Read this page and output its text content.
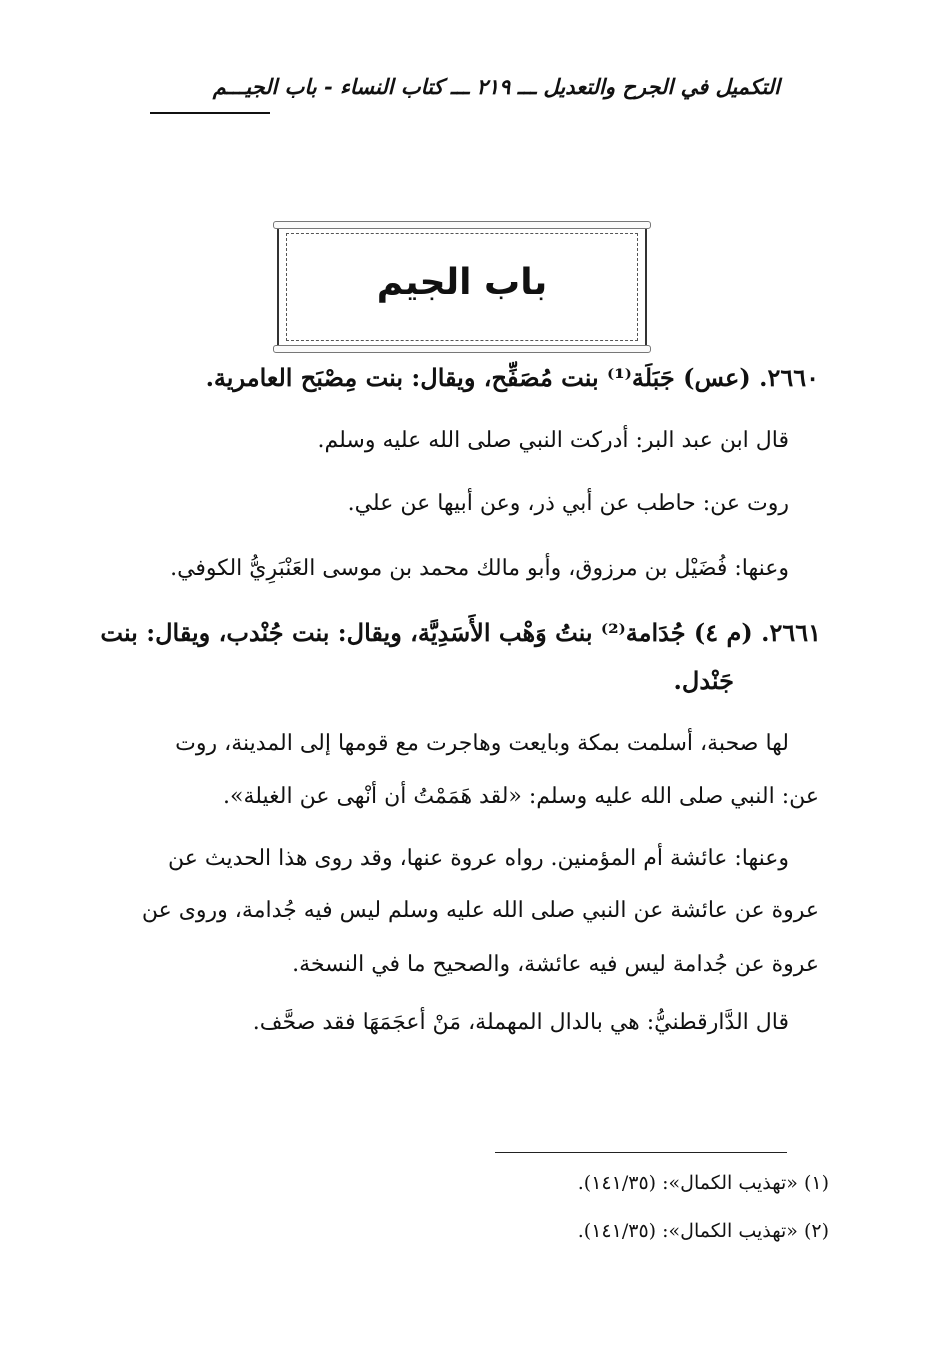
التكميل في الجرح والتعديل ـــ ٢١٩ ـــ كتاب النساء - باب الجيـــم
باب الجيم
٢٦٦٠. (عس) جَبَلَة⁽¹⁾ بنت مُصَفِّح، ويقال: بنت مِصْبَح العامرية.
قال ابن عبد البر: أدركت النبي صلى الله عليه وسلم.
روت عن: حاطب عن أبي ذر، وعن أبيها عن علي.
وعنها: فُضَيْل بن مرزوق، وأبو مالك محمد بن موسى العَنْبَرِيُّ الكوفي.
٢٦٦١. (م ٤) جُدَامة⁽²⁾ بنتُ وَهْب الأَسَدِيَّة، ويقال: بنت جُنْدب، ويقال: بنت
جَنْدل.
لها صحبة، أسلمت بمكة وبايعت وهاجرت مع قومها إلى المدينة، روت
عن: النبي صلى الله عليه وسلم: «لقد هَمَمْتُ أن أنْهى عن الغيلة».
وعنها: عائشة أم المؤمنين. رواه عروة عنها، وقد روى هذا الحديث عن
عروة عن عائشة عن النبي صلى الله عليه وسلم ليس فيه جُدامة، وروى عن
عروة عن جُدامة ليس فيه عائشة، والصحيح ما في النسخة.
قال الدَّارقطنيُّ: هي بالدال المهملة، مَنْ أعجَمَهَا فقد صحَّف.
(١) «تهذيب الكمال»: (١٤١/٣٥).
(٢) «تهذيب الكمال»: (١٤١/٣٥).
